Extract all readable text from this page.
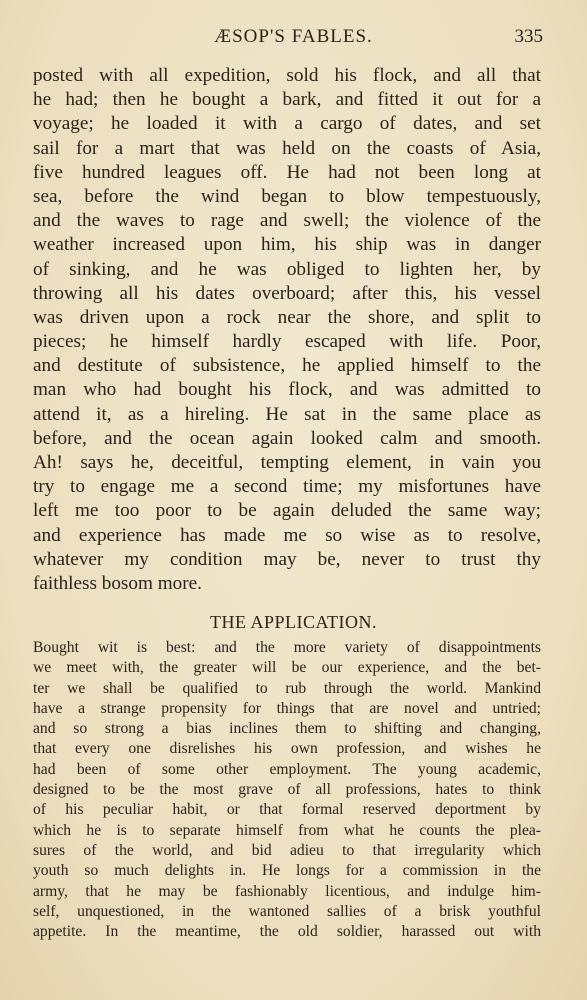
ÆSOP'S FABLES.	335
posted with all expedition, sold his flock, and all that
he had; then he bought a bark, and fitted it out for a
voyage; he loaded it with a cargo of dates, and set
sail for a mart that was held on the coasts of Asia,
five hundred leagues off. He had not been long at
sea, before the wind began to blow tempestuously,
and the waves to rage and swell; the violence of the
weather increased upon him, his ship was in danger
of sinking, and he was obliged to lighten her, by
throwing all his dates overboard; after this, his vessel
was driven upon a rock near the shore, and split to
pieces; he himself hardly escaped with life. Poor,
and destitute of subsistence, he applied himself to the
man who had bought his flock, and was admitted to
attend it, as a hireling. He sat in the same place as
before, and the ocean again looked calm and smooth.
Ah! says he, deceitful, tempting element, in vain you
try to engage me a second time; my misfortunes have
left me too poor to be again deluded the same way;
and experience has made me so wise as to resolve,
whatever my condition may be, never to trust thy
faithless bosom more.
THE APPLICATION.
Bought wit is best: and the more variety of disappointments
we meet with, the greater will be our experience, and the bet-
ter we shall be qualified to rub through the world. Mankind
have a strange propensity for things that are novel and untried;
and so strong a bias inclines them to shifting and changing,
that every one disrelishes his own profession, and wishes he
had been of some other employment. The young academic,
designed to be the most grave of all professions, hates to think
of his peculiar habit, or that formal reserved deportment by
which he is to separate himself from what he counts the plea-
sures of the world, and bid adieu to that irregularity which
youth so much delights in. He longs for a commission in the
army, that he may be fashionably licentious, and indulge him-
self, unquestioned, in the wantoned sallies of a brisk youthful
appetite. In the meantime, the old soldier, harassed out with
